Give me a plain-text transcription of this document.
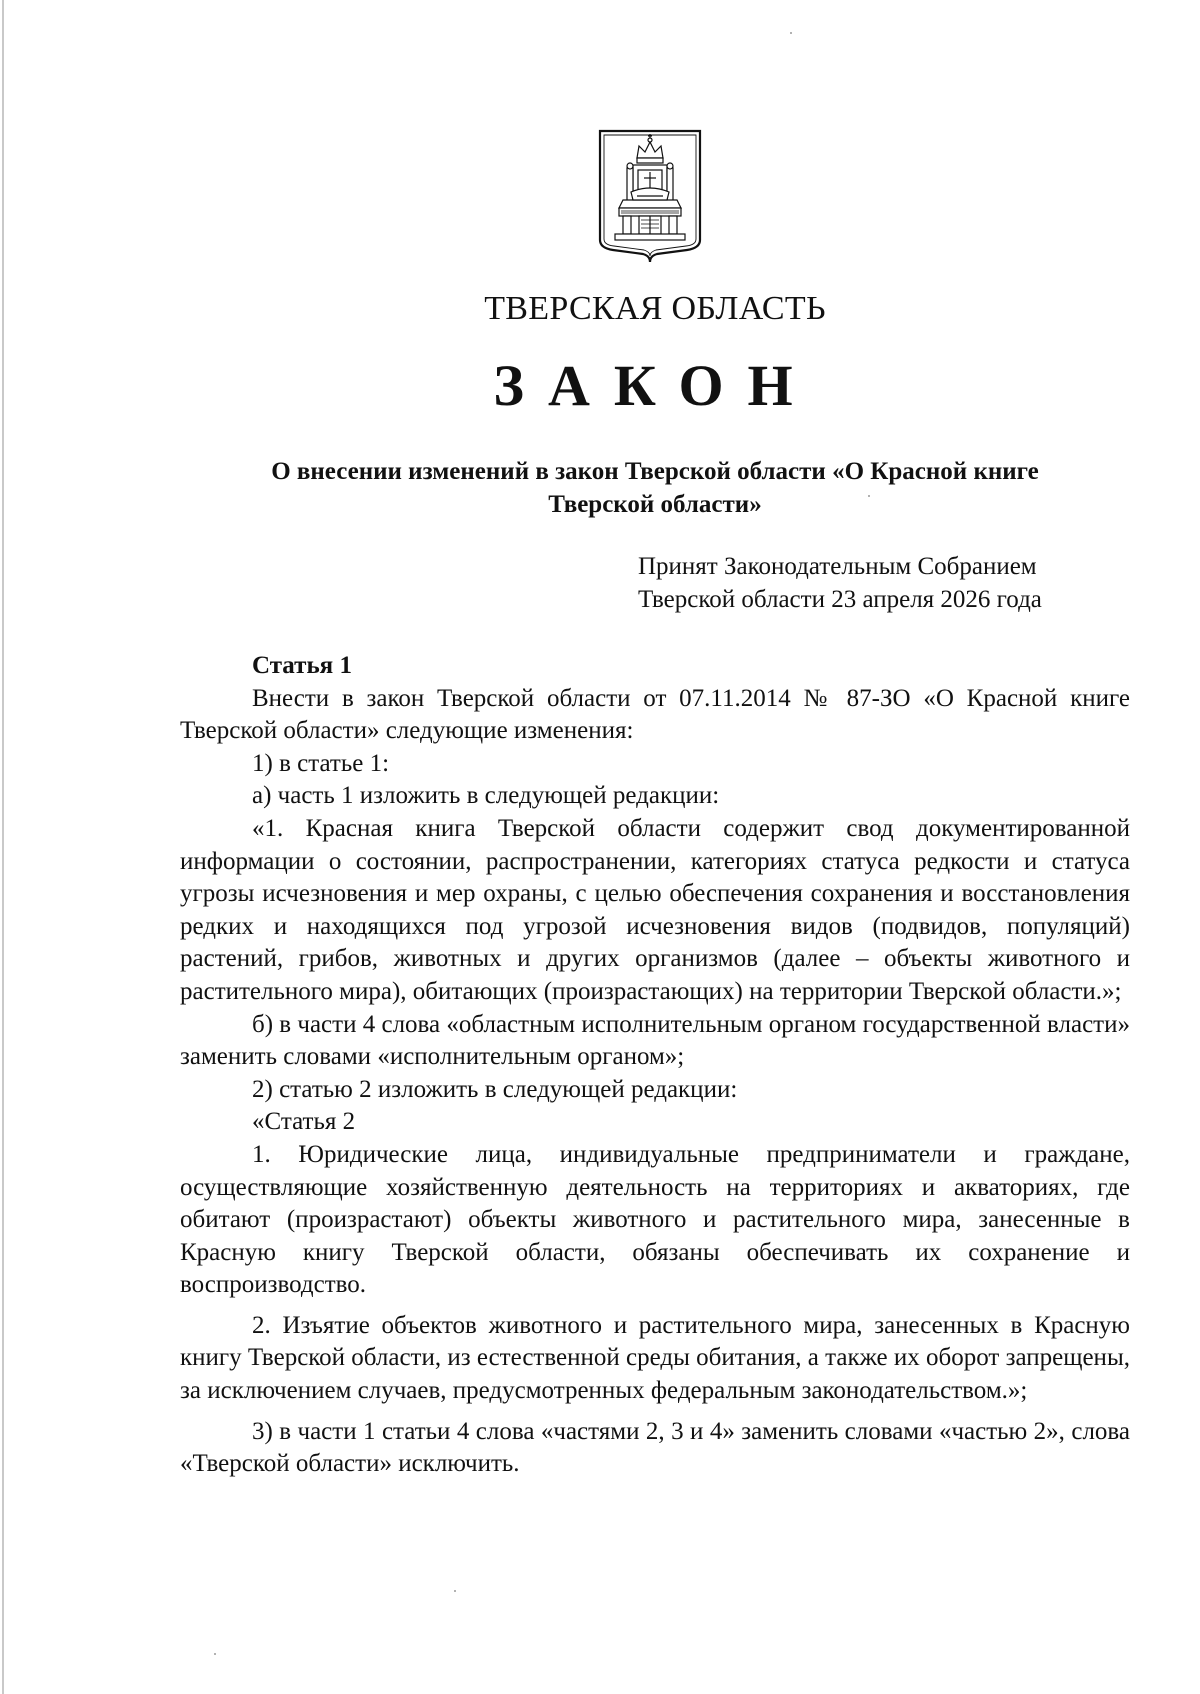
ТВЕРСКАЯ ОБЛАСТЬ
ЗАКОН
О внесении изменений в закон Тверской области «О Красной книге
Тверской области»
Принят Законодательным Собранием
Тверской области 23 апреля 2026 года

Статья 1

Внести в закон Тверской области от 07.11.2014 № 87-ЗО «О Красной книге Тверской области» следующие изменения:

1) в статье 1:

а) часть 1 изложить в следующей редакции:

«1. Красная книга Тверской области содержит свод документированной информации о состоянии, распространении, категориях статуса редкости и статуса угрозы исчезновения и мер охраны, с целью обеспечения сохранения и восстановления редких и находящихся под угрозой исчезновения видов (подвидов, популяций) растений, грибов, животных и других организмов (далее – объекты животного и растительного мира), обитающих (произрастающих) на территории Тверской области.»;

б) в части 4 слова «областным исполнительным органом государственной власти» заменить словами «исполнительным органом»;

2) статью 2 изложить в следующей редакции:

«Статья 2

1. Юридические лица, индивидуальные предприниматели и граждане, осуществляющие хозяйственную деятельность на территориях и акваториях, где обитают (произрастают) объекты животного и растительного мира, занесенные в Красную книгу Тверской области, обязаны обеспечивать их сохранение и воспроизводство.

2. Изъятие объектов животного и растительного мира, занесенных в Красную книгу Тверской области, из естественной среды обитания, а также их оборот запрещены, за исключением случаев, предусмотренных федеральным законодательством.»;

3) в части 1 статьи 4 слова «частями 2, 3 и 4» заменить словами «частью 2», слова «Тверской области» исключить.
